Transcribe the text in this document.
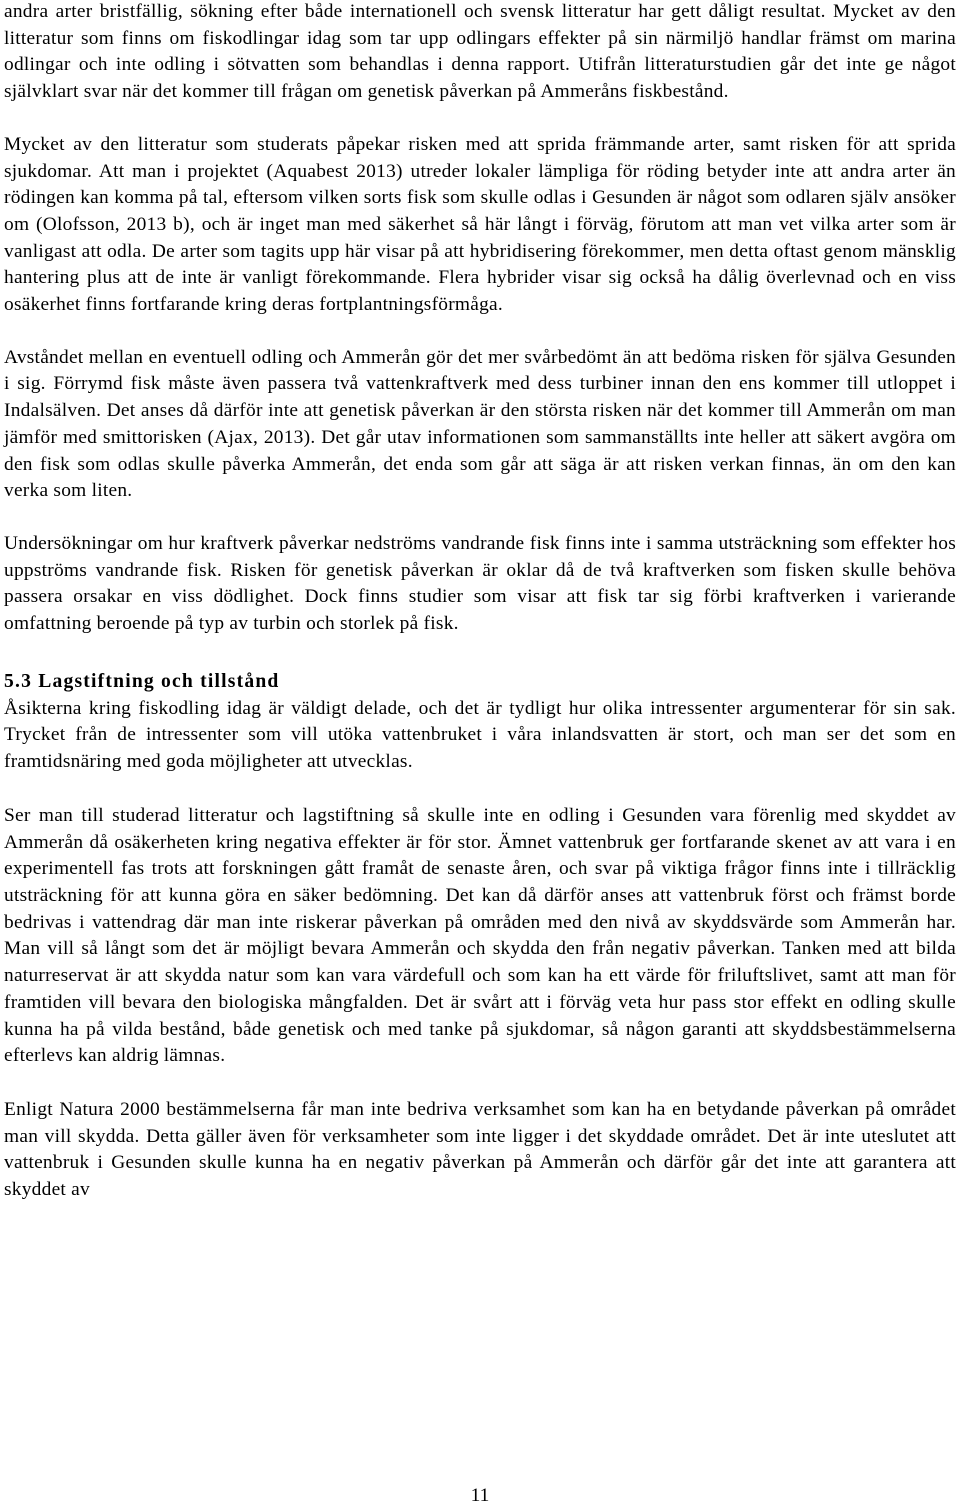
andra arter bristfällig, sökning efter både internationell och svensk litteratur har gett dåligt resultat. Mycket av den litteratur som finns om fiskodlingar idag som tar upp odlingars effekter på sin närmiljö handlar främst om marina odlingar och inte odling i sötvatten som behandlas i denna rapport. Utifrån litteraturstudien går det inte ge något självklart svar när det kommer till frågan om genetisk påverkan på Ammeråns fiskbestånd.

Mycket av den litteratur som studerats påpekar risken med att sprida främmande arter, samt risken för att sprida sjukdomar. Att man i projektet (Aquabest 2013) utreder lokaler lämpliga för röding betyder inte att andra arter än rödingen kan komma på tal, eftersom vilken sorts fisk som skulle odlas i Gesunden är något som odlaren själv ansöker om (Olofsson, 2013 b), och är inget man med säkerhet så här långt i förväg, förutom att man vet vilka arter som är vanligast att odla. De arter som tagits upp här visar på att hybridisering förekommer, men detta oftast genom mänsklig hantering plus att de inte är vanligt förekommande. Flera hybrider visar sig också ha dålig överlevnad och en viss osäkerhet finns fortfarande kring deras fortplantningsförmåga.

Avståndet mellan en eventuell odling och Ammerån gör det mer svårbedömt än att bedöma risken för själva Gesunden i sig. Förrymd fisk måste även passera två vattenkraftverk med dess turbiner innan den ens kommer till utloppet i Indalsälven. Det anses då därför inte att genetisk påverkan är den största risken när det kommer till Ammerån om man jämför med smittorisken (Ajax, 2013). Det går utav informationen som sammanställts inte heller att säkert avgöra om den fisk som odlas skulle påverka Ammerån, det enda som går att säga är att risken verkan finnas, än om den kan verka som liten.

Undersökningar om hur kraftverk påverkar nedströms vandrande fisk finns inte i samma utsträckning som effekter hos uppströms vandrande fisk. Risken för genetisk påverkan är oklar då de två kraftverken som fisken skulle behöva passera orsakar en viss dödlighet. Dock finns studier som visar att fisk tar sig förbi kraftverken i varierande omfattning beroende på typ av turbin och storlek på fisk.

5.3 Lagstiftning och tillstånd

Åsikterna kring fiskodling idag är väldigt delade, och det är tydligt hur olika intressenter argumenterar för sin sak. Trycket från de intressenter som vill utöka vattenbruket i våra inlandsvatten är stort, och man ser det som en framtidsnäring med goda möjligheter att utvecklas.

Ser man till studerad litteratur och lagstiftning så skulle inte en odling i Gesunden vara förenlig med skyddet av Ammerån då osäkerheten kring negativa effekter är för stor. Ämnet vattenbruk ger fortfarande skenet av att vara i en experimentell fas trots att forskningen gått framåt de senaste åren, och svar på viktiga frågor finns inte i tillräcklig utsträckning för att kunna göra en säker bedömning. Det kan då därför anses att vattenbruk först och främst borde bedrivas i vattendrag där man inte riskerar påverkan på områden med den nivå av skyddsvärde som Ammerån har. Man vill så långt som det är möjligt bevara Ammerån och skydda den från negativ påverkan. Tanken med att bilda naturreservat är att skydda natur som kan vara värdefull och som kan ha ett värde för friluftslivet, samt att man för framtiden vill bevara den biologiska mångfalden. Det är svårt att i förväg veta hur pass stor effekt en odling skulle kunna ha på vilda bestånd, både genetisk och med tanke på sjukdomar, så någon garanti att skyddsbestämmelserna efterlevs kan aldrig lämnas.

Enligt Natura 2000 bestämmelserna får man inte bedriva verksamhet som kan ha en betydande påverkan på området man vill skydda. Detta gäller även för verksamheter som inte ligger i det skyddade området. Det är inte uteslutet att vattenbruk i Gesunden skulle kunna ha en negativ påverkan på Ammerån och därför går det inte att garantera att skyddet av

11
